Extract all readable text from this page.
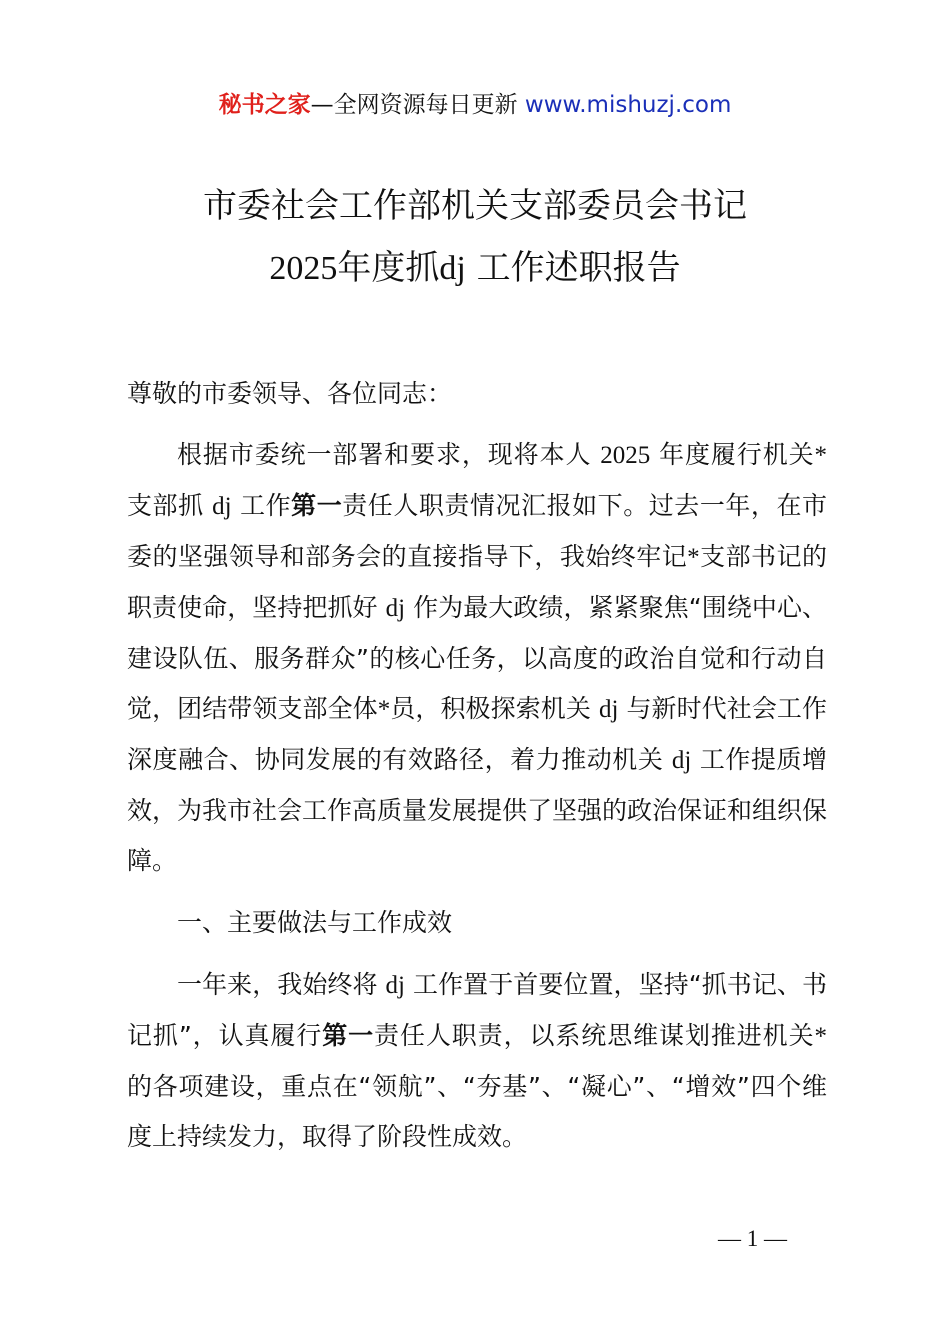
秘书之家—全网资源每日更新 www.mishuzj.com
市委社会工作部机关支部委员会书记
2025年度抓dj 工作述职报告

尊敬的市委领导、各位同志：

根据市委统一部署和要求，现将本人 2025 年度履行机关*支部抓 dj 工作第一责任人职责情况汇报如下。过去一年，在市委的坚强领导和部务会的直接指导下，我始终牢记*支部书记的职责使命，坚持把抓好 dj 作为最大政绩，紧紧聚焦“围绕中心、建设队伍、服务群众”的核心任务，以高度的政治自觉和行动自觉，团结带领支部全体*员，积极探索机关 dj 与新时代社会工作深度融合、协同发展的有效路径，着力推动机关 dj 工作提质增效，为我市社会工作高质量发展提供了坚强的政治保证和组织保障。

一、主要做法与工作成效

一年来，我始终将 dj 工作置于首要位置，坚持“抓书记、书记抓”，认真履行第一责任人职责，以系统思维谋划推进机关*的各项建设，重点在“领航”、“夯基”、“凝心”、“增效”四个维度上持续发力，取得了阶段性成效。

— 1 —
